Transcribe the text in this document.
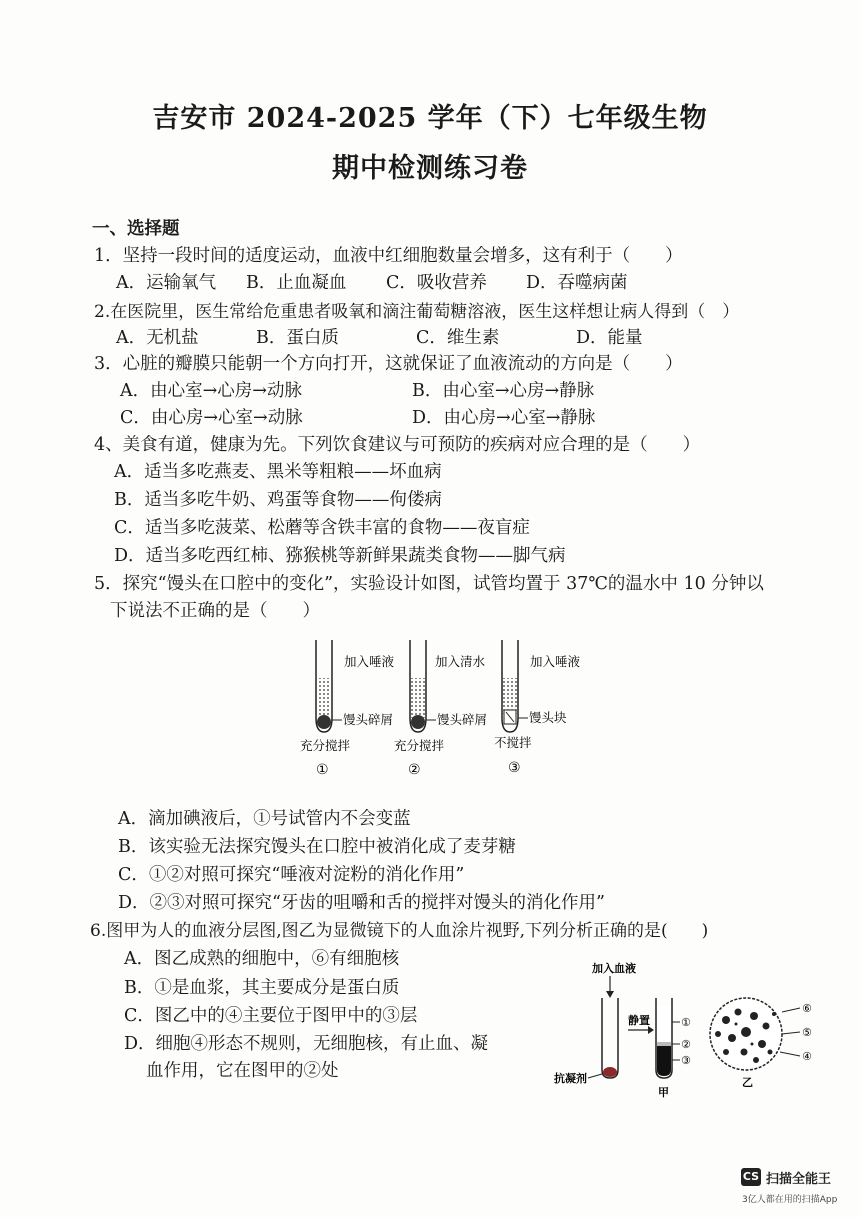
吉安市 2024-2025 学年（下）七年级生物
期中检测练习卷
一、选择题
1．坚持一段时间的适度运动，血液中红细胞数量会增多，这有利于（　　）
A．运输氧气 B．止血凝血 C．吸收营养 D．吞噬病菌
2.在医院里，医生常给危重患者吸氧和滴注葡萄糖溶液，医生这样想让病人得到（　）
A．无机盐	B．蛋白质	C．维生素	D．能量
3．心脏的瓣膜只能朝一个方向打开，这就保证了血液流动的方向是（　　）
A．由心室→心房→动脉	B．由心室→心房→静脉
C．由心房→心室→动脉	D．由心房→心室→静脉
4、美食有道，健康为先。下列饮食建议与可预防的疾病对应合理的是（　　）
A．适当多吃燕麦、黑米等粗粮——坏血病
B．适当多吃牛奶、鸡蛋等食物——佝偻病
C．适当多吃菠菜、松蘑等含铁丰富的食物——夜盲症
D．适当多吃西红柿、猕猴桃等新鲜果蔬类食物——脚气病
5．探究“馒头在口腔中的变化”，实验设计如图，试管均置于 37℃的温水中 10 分钟以
下说法不正确的是（　　）
加入唾液	加入清水	加入唾液
馒头碎屑	馒头碎屑	馒头块
充分搅拌	充分搅拌	不搅拌
①	②	③
A．滴加碘液后，①号试管内不会变蓝
B．该实验无法探究馒头在口腔中被消化成了麦芽糖
C．①②对照可探究“唾液对淀粉的消化作用”
D．②③对照可探究“牙齿的咀嚼和舌的搅拌对馒头的消化作用”
6.图甲为人的血液分层图,图乙为显微镜下的人血涂片视野,下列分析正确的是(　　)
A．图乙成熟的细胞中，⑥有细胞核
B．①是血浆，其主要成分是蛋白质
C．图乙中的④主要位于图甲中的③层
D．细胞④形态不规则，无细胞核，有止血、凝
血作用，它在图甲的②处
加入血液
抗凝剂
静置	①
②
③
甲
⑥
⑤
④
乙
CS 扫描全能王
3亿人都在用的扫描App
